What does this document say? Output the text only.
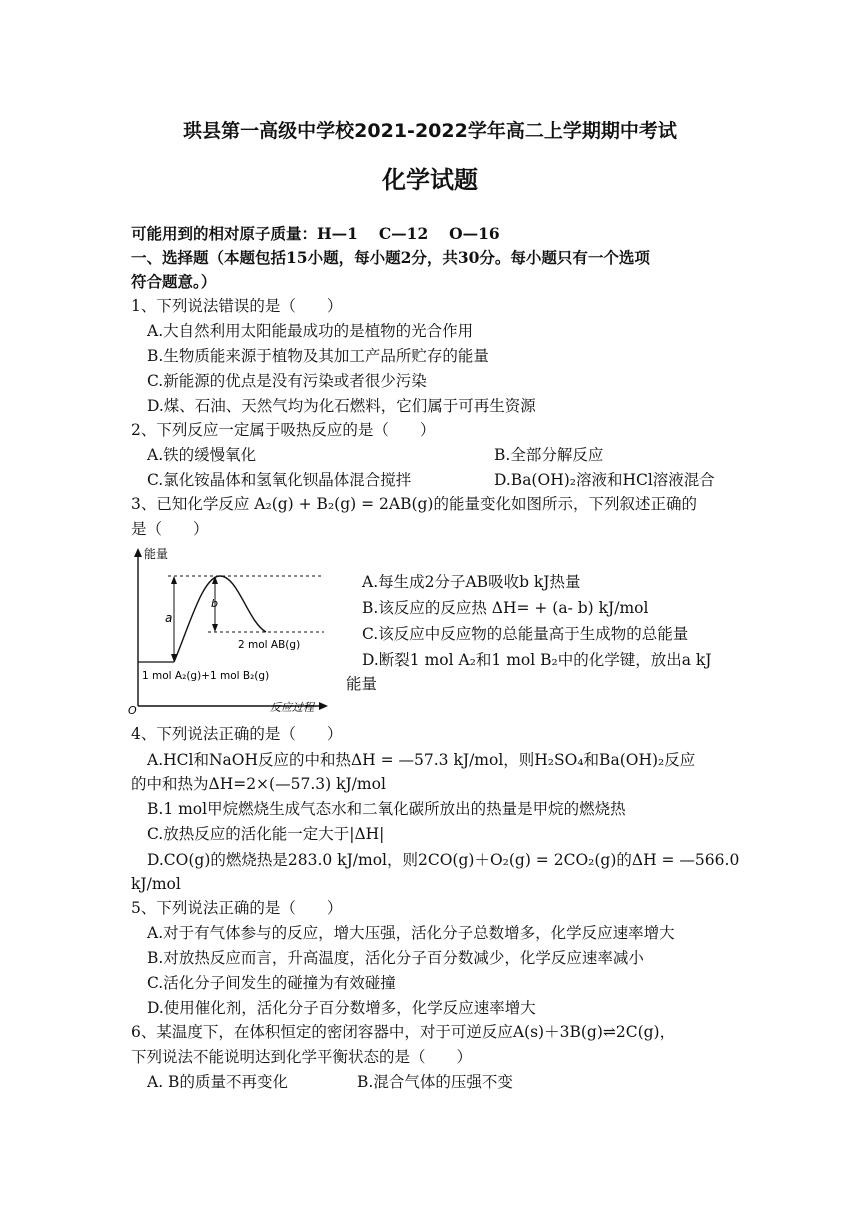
珙县第一高级中学校2021-2022学年高二上学期期中考试
化学试题
可能用到的相对原子质量：H—1　 C—12　 O—16
一、选择题（本题包括15小题，每小题2分，共30分。每小题只有一个选项
符合题意。）
1、下列说法错误的是（　　）
A.大自然利用太阳能最成功的是植物的光合作用
B.生物质能来源于植物及其加工产品所贮存的能量
C.新能源的优点是没有污染或者很少污染
D.煤、石油、天然气均为化石燃料，它们属于可再生资源
2、下列反应一定属于吸热反应的是（　　）
A.铁的缓慢氧化	B.全部分解反应
C.氯化铵晶体和氢氧化钡晶体混合搅拌	D.Ba(OH)₂溶液和HCl溶液混合
3、已知化学反应 A₂(g) + B₂(g) = 2AB(g)的能量变化如图所示，下列叙述正确的
是（　　）
能量
反应过程
O
a
b
2 mol AB(g)
1 mol A₂(g)+1 mol B₂(g)
A.每生成2分子AB吸收b kJ热量
B.该反应的反应热 ΔH= + (a- b) kJ/mol
C.该反应中反应物的总能量高于生成物的总能量
D.断裂1 mol A₂和1 mol B₂中的化学键，放出a kJ
能量
4、下列说法正确的是（　　）
A.HCl和NaOH反应的中和热ΔH = —57.3 kJ/mol，则H₂SO₄和Ba(OH)₂反应
的中和热为ΔH=2×(—57.3) kJ/mol
B.1 mol甲烷燃烧生成气态水和二氧化碳所放出的热量是甲烷的燃烧热
C.放热反应的活化能一定大于|ΔH|
D.CO(g)的燃烧热是283.0 kJ/mol，则2CO(g)＋O₂(g) = 2CO₂(g)的ΔH = —566.0
kJ/mol
5、下列说法正确的是（　　）
A.对于有气体参与的反应，增大压强，活化分子总数增多，化学反应速率增大
B.对放热反应而言，升高温度，活化分子百分数减少，化学反应速率减小
C.活化分子间发生的碰撞为有效碰撞
D.使用催化剂，活化分子百分数增多，化学反应速率增大
6、某温度下，在体积恒定的密闭容器中，对于可逆反应A(s)＋3B(g)⇌2C(g)，
下列说法不能说明达到化学平衡状态的是（　　）
A. B的质量不再变化	B.混合气体的压强不变
